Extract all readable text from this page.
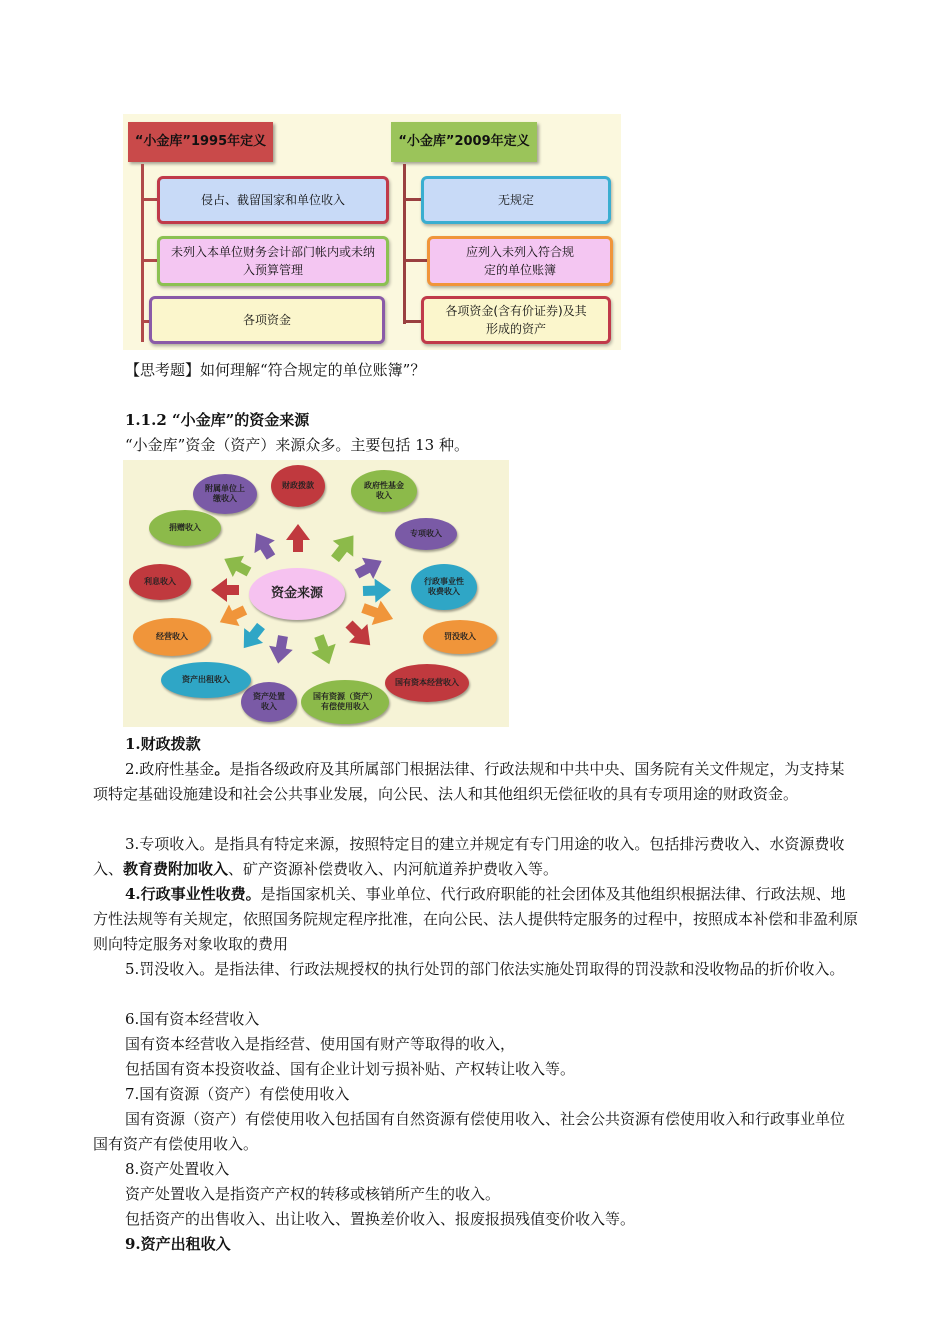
“小金库”1995年定义	“小金库”2009年定义
侵占、截留国家和单位收入
未列入本单位财务会计部门帐内或未纳入预算管理
各项资金
无规定
应列入未列入符合规定的单位账簿
各项资金(含有价证券)及其形成的资产
【思考题】如何理解“符合规定的单位账簿”？
1.1.2 “小金库”的资金来源
“小金库”资金（资产）来源众多。主要包括 13 种。
资金来源
财政拨款	政府性基金收入
专项收入
行政事业性收费收入
罚没收入
国有资本经营收入
国有资源（资产）有偿使用收入
资产处置收入
资产出租收入
经营收入
利息收入
捐赠收入
附属单位上缴收入
1.财政拨款
2.政府性基金。是指各级政府及其所属部门根据法律、行政法规和中共中央、国务院有关文件规定，为支持某项特定基础设施建设和社会公共事业发展，向公民、法人和其他组织无偿征收的具有专项用途的财政资金。
3.专项收入。是指具有特定来源，按照特定目的建立并规定有专门用途的收入。包括排污费收入、水资源费收入、教育费附加收入、矿产资源补偿费收入、内河航道养护费收入等。
4.行政事业性收费。是指国家机关、事业单位、代行政府职能的社会团体及其他组织根据法律、行政法规、地方性法规等有关规定，依照国务院规定程序批准，在向公民、法人提供特定服务的过程中，按照成本补偿和非盈利原则向特定服务对象收取的费用
5.罚没收入。是指法律、行政法规授权的执行处罚的部门依法实施处罚取得的罚没款和没收物品的折价收入。
6.国有资本经营收入
国有资本经营收入是指经营、使用国有财产等取得的收入，
包括国有资本投资收益、国有企业计划亏损补贴、产权转让收入等。
7.国有资源（资产）有偿使用收入
国有资源（资产）有偿使用收入包括国有自然资源有偿使用收入、社会公共资源有偿使用收入和行政事业单位国有资产有偿使用收入。
8.资产处置收入
资产处置收入是指资产产权的转移或核销所产生的收入。
包括资产的出售收入、出让收入、置换差价收入、报废报损残值变价收入等。
9.资产出租收入
